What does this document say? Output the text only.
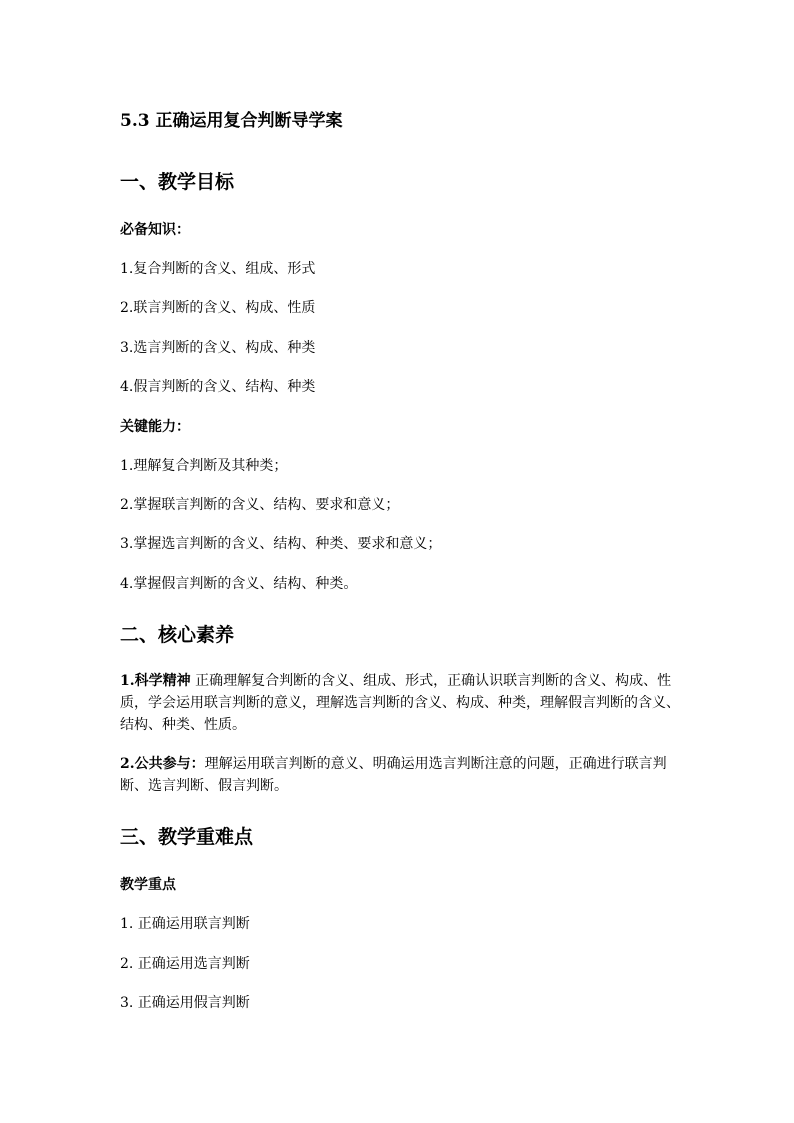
5.3 正确运用复合判断导学案
一、教学目标
必备知识：
1.复合判断的含义、组成、形式
2.联言判断的含义、构成、性质
3.选言判断的含义、构成、种类
4.假言判断的含义、结构、种类
关键能力：
1.理解复合判断及其种类；
2.掌握联言判断的含义、结构、要求和意义；
3.掌握选言判断的含义、结构、种类、要求和意义；
4.掌握假言判断的含义、结构、种类。
二、核心素养
1.科学精神 正确理解复合判断的含义、组成、形式，正确认识联言判断的含义、构成、性质，学会运用联言判断的意义，理解选言判断的含义、构成、种类，理解假言判断的含义、结构、种类、性质。
2.公共参与：理解运用联言判断的意义、明确运用选言判断注意的问题，正确进行联言判断、选言判断、假言判断。
三、教学重难点
教学重点
1. 正确运用联言判断
2. 正确运用选言判断
3. 正确运用假言判断
